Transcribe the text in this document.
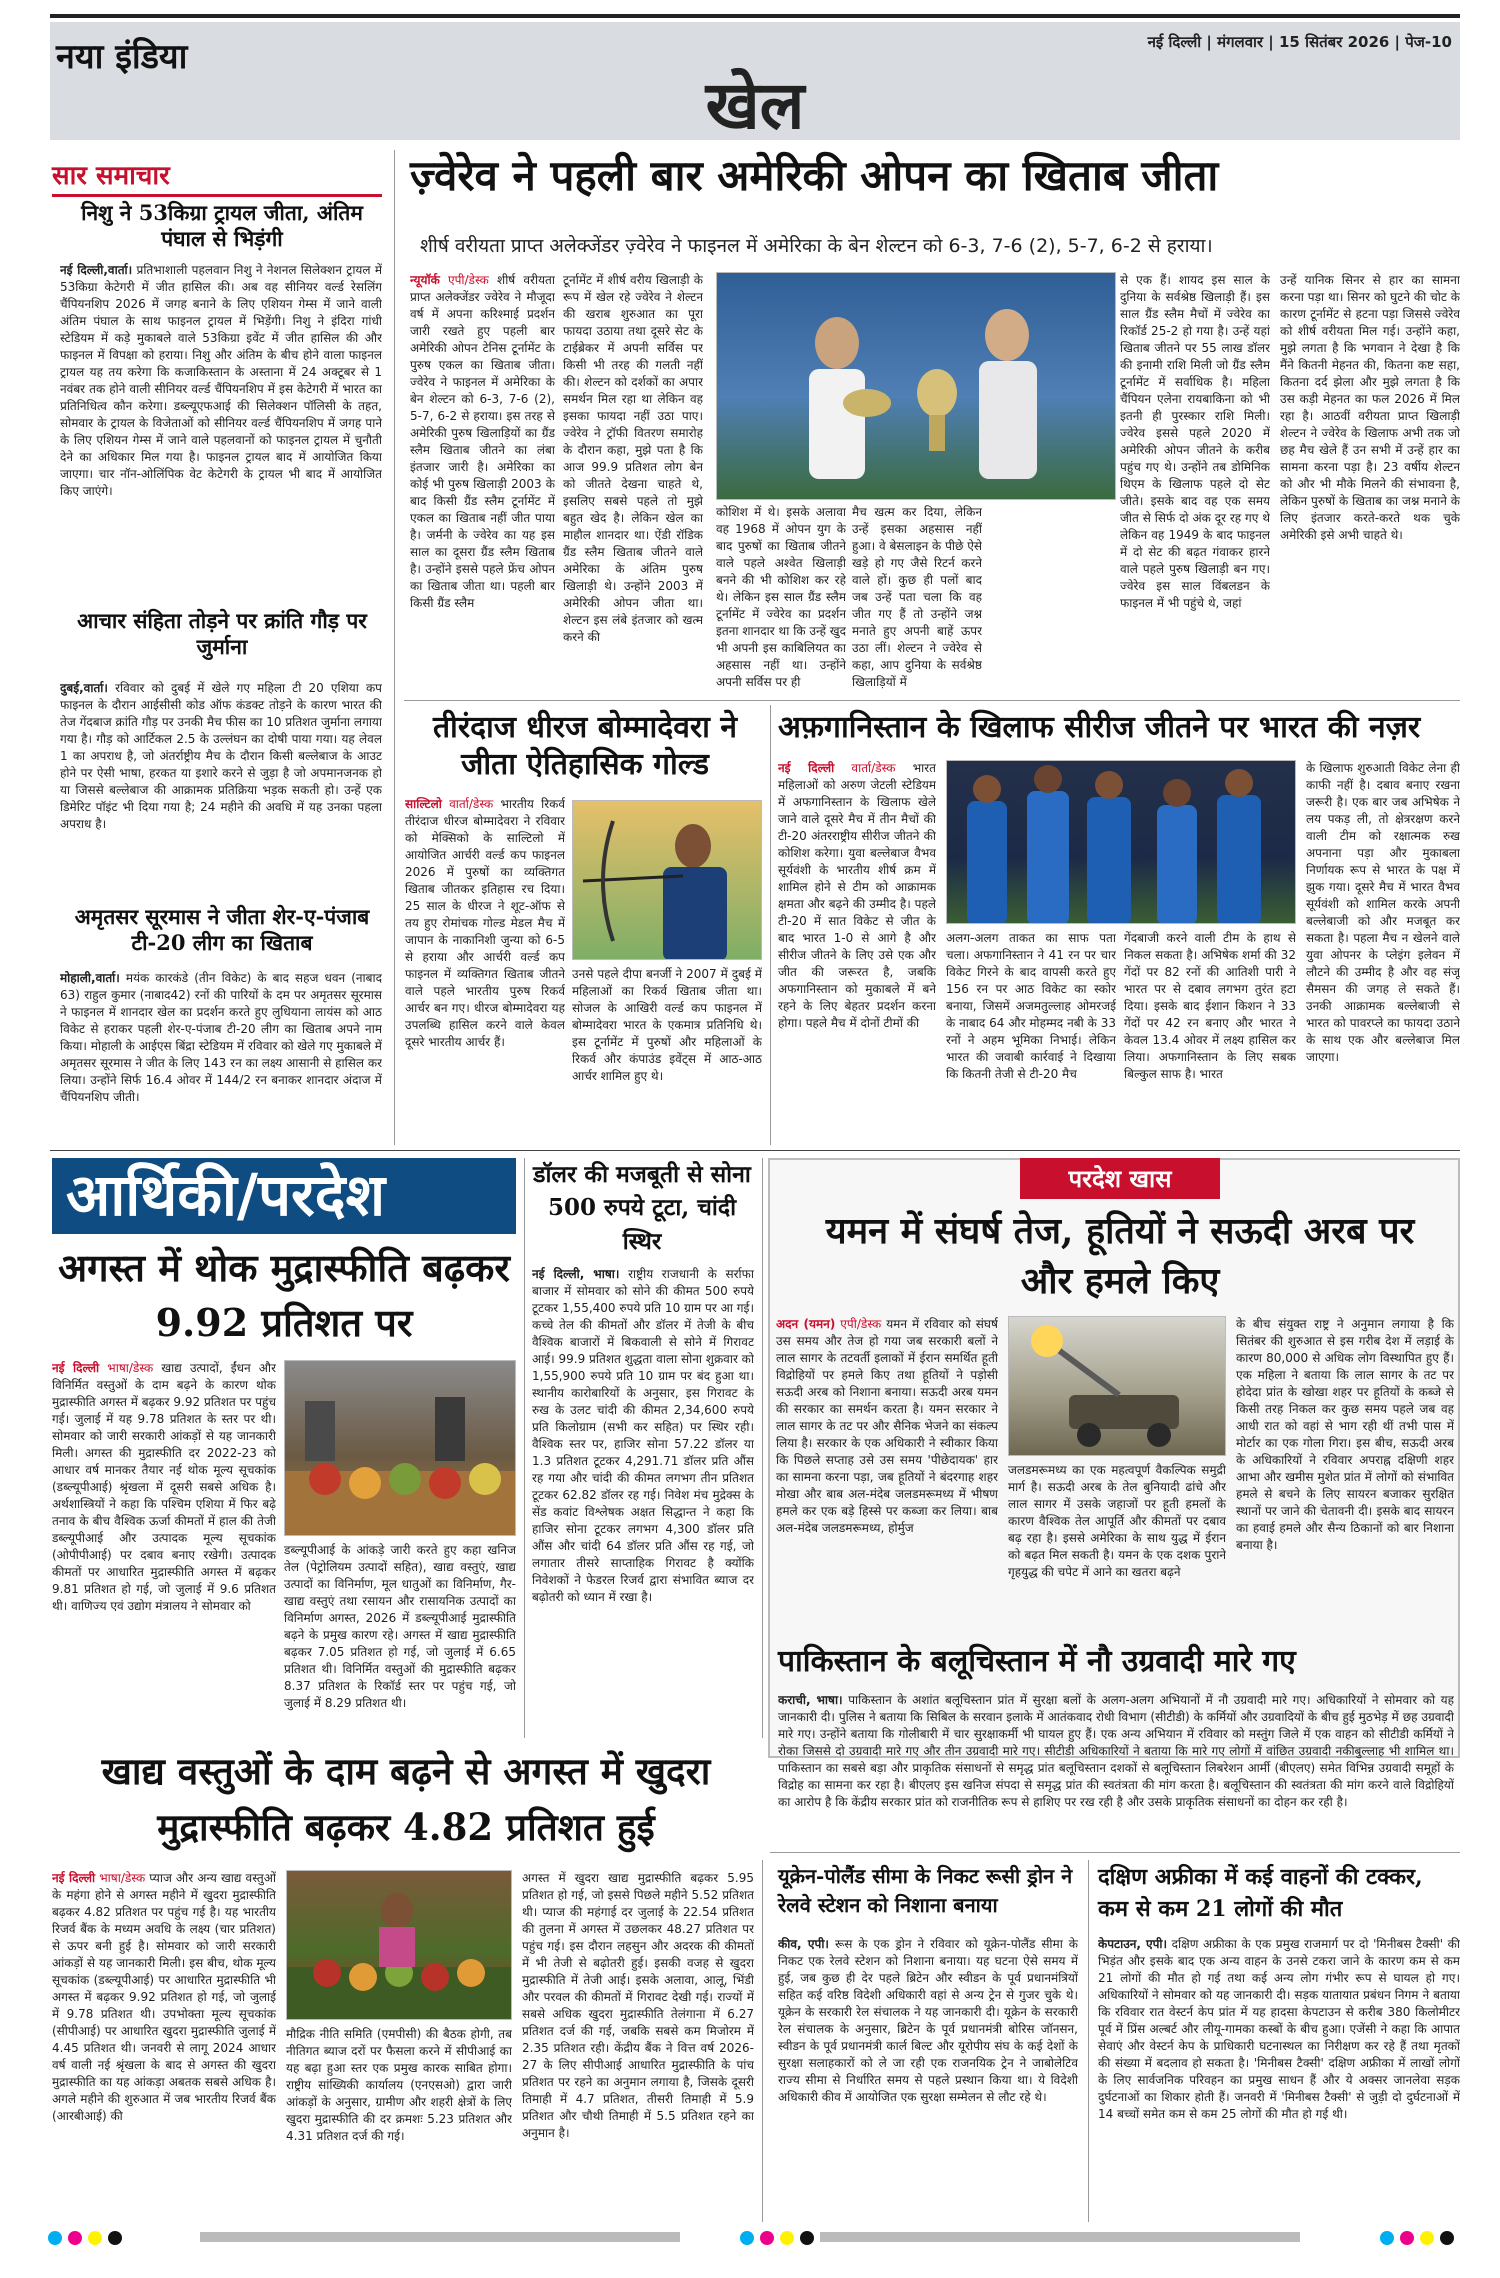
नया इंडिया	नई दिल्ली | मंगलवार | 15 सितंबर 2026 | पेज-10
खेल
सार समाचार
निशु ने 53किग्रा ट्रायल जीता, अंतिम पंघाल से भिड़ंगी
नई दिल्ली,वार्ता। प्रतिभाशाली पहलवान निशु ने नेशनल सिलेक्शन ट्रायल में 53किग्रा केटेगरी में जीत हासिल की। अब वह सीनियर वर्ल्ड रेसलिंग चैंपियनशिप 2026 में जगह बनाने के लिए एशियन गेम्स में जाने वाली अंतिम पंघाल के साथ फाइनल ट्रायल में भिड़ेंगी। निशु ने इंदिरा गांधी स्टेडियम में कड़े मुकाबले वाले 53किग्रा इवेंट में जीत हासिल की और फाइनल में विपक्षा को हराया। निशु और अंतिम के बीच होने वाला फाइनल ट्रायल यह तय करेगा कि कजाकिस्तान के अस्ताना में 24 अक्टूबर से 1 नवंबर तक होने वाली सीनियर वर्ल्ड चैंपियनशिप में इस केटेगरी में भारत का प्रतिनिधित्व कौन करेगा। डब्ल्यूएफआई की सिलेक्शन पॉलिसी के तहत, सोमवार के ट्रायल के विजेताओं को सीनियर वर्ल्ड चैंपियनशिप में जगह पाने के लिए एशियन गेम्स में जाने वाले पहलवानों को फाइनल ट्रायल में चुनौती देने का अधिकार मिल गया है। फाइनल ट्रायल बाद में आयोजित किया जाएगा। चार नॉन-ओलिंपिक वेट केटेगरी के ट्रायल भी बाद में आयोजित किए जाएंगे।
आचार संहिता तोड़ने पर क्रांति गौड़ पर जुर्माना
दुबई,वार्ता। रविवार को दुबई में खेले गए महिला टी 20 एशिया कप फाइनल के दौरान आईसीसी कोड ऑफ कंडक्ट तोड़ने के कारण भारत की तेज गेंदबाज क्रांति गौड़ पर उनकी मैच फीस का 10 प्रतिशत जुर्माना लगाया गया है। गौड़ को आर्टिकल 2.5 के उल्लंघन का दोषी पाया गया। यह लेवल 1 का अपराध है, जो अंतर्राष्ट्रीय मैच के दौरान किसी बल्लेबाज के आउट होने पर ऐसी भाषा, हरकत या इशारे करने से जुड़ा है जो अपमानजनक हो या जिससे बल्लेबाज की आक्रामक प्रतिक्रिया भड़क सकती हो। उन्हें एक डिमेरिट पॉइंट भी दिया गया है; 24 महीने की अवधि में यह उनका पहला अपराध है।
अमृतसर सूरमास ने जीता शेर-ए-पंजाब टी-20 लीग का खिताब
मोहाली,वार्ता। मयंक कारकंडे (तीन विकेट) के बाद सहज धवन (नाबाद 63) राहुल कुमार (नाबाद42) रनों की पारियों के दम पर अमृतसर सूरमास ने फाइनल में शानदार खेल का प्रदर्शन करते हुए लुधियाना लायंस को आठ विकेट से हराकर पहली शेर-ए-पंजाब टी-20 लीग का खिताब अपने नाम किया। मोहाली के आईएस बिंद्रा स्टेडियम में रविवार को खेले गए मुकाबले में अमृतसर सूरमास ने जीत के लिए 143 रन का लक्ष्य आसानी से हासिल कर लिया। उन्होंने सिर्फ 16.4 ओवर में 144/2 रन बनाकर शानदार अंदाज में चैंपियनशिप जीती।
ज़्वेरेव ने पहली बार अमेरिकी ओपन का खिताब जीता
शीर्ष वरीयता प्राप्त अलेक्जेंडर ज़्वेरेव ने फाइनल में अमेरिका के बेन शेल्टन को 6-3, 7-6 (2), 5-7, 6-2 से हराया।
न्यूयॉर्क एपी/डेस्क शीर्ष वरीयता प्राप्त अलेक्जेंडर ज्वेरेव ने मौजूदा वर्ष में अपना करिश्माई प्रदर्शन जारी रखते हुए पहली बार अमेरिकी ओपन टेनिस टूर्नामेंट के पुरुष एकल का खिताब जीता।ज्वेरेव ने फाइनल में अमेरिका के बेन शेल्टन को 6-3, 7-6 (2), 5-7, 6-2 से हराया। इस तरह से अमेरिकी पुरुष खिलाड़ियों का ग्रैंड स्लैम खिताब जीतने का लंबा इंतजार जारी है। अमेरिका का कोई भी पुरुष खिलाड़ी 2003 के बाद किसी ग्रैंड स्लैम टूर्नामेंट में एकल का खिताब नहीं जीत पाया है। जर्मनी के ज्वेरेव का यह इस साल का दूसरा ग्रैंड स्लैम खिताब है। उन्होंने इससे पहले फ्रेंच ओपन का खिताब जीता था। पहली बार किसी ग्रैंड स्लैम
टूर्नामेंट में शीर्ष वरीय खिलाड़ी के रूप में खेल रहे ज्वेरेव ने शेल्टन की खराब शुरुआत का पूरा फायदा उठाया तथा दूसरे सेट के टाईब्रेकर में अपनी सर्विस पर किसी भी तरह की गलती नहीं की। शेल्टन को दर्शकों का अपार समर्थन मिल रहा था लेकिन वह इसका फायदा नहीं उठा पाए। ज्वेरेव ने ट्रॉफी वितरण समारोह के दौरान कहा, मुझे पता है कि आज 99.9 प्रतिशत लोग बेन को जीतते देखना चाहते थे, इसलिए सबसे पहले तो मुझे बहुत खेद है। लेकिन खेल का माहौल शानदार था। ऐंडी रॉडिक ग्रैंड स्लैम खिताब जीतने वाले अमेरिका के अंतिम पुरुष खिलाड़ी थे। उन्होंने 2003 में अमेरिकी ओपन जीता था। शेल्टन इस लंबे इंतजार को खत्म करने की
कोशिश में थे। इसके अलावा वह 1968 में ओपन युग के बाद पुरुषों का खिताब जीतने वाले पहले अश्वेत खिलाड़ी बनने की भी कोशिश कर रहे थे। लेकिन इस साल ग्रैंड स्लैम टूर्नामेंट में ज्वेरेव का प्रदर्शन इतना शानदार था कि उन्हें खुद भी अपनी इस काबिलियत का अहसास नहीं था। उन्होंने अपनी सर्विस पर ही
मैच खत्म कर दिया, लेकिन उन्हें इसका अहसास नहीं हुआ। वे बेसलाइन के पीछे ऐसे खड़े हो गए जैसे रिटर्न करने वाले हों। कुछ ही पलों बाद जब उन्हें पता चला कि वह जीत गए हैं तो उन्होंने जश्न मनाते हुए अपनी बाहें ऊपर उठा लीं। शेल्टन ने ज्वेरेव से कहा, आप दुनिया के सर्वश्रेष्ठ खिलाड़ियों में
से एक हैं। शायद इस साल के दुनिया के सर्वश्रेष्ठ खिलाड़ी हैं। इस साल ग्रैंड स्लैम मैचों में ज्वेरेव का रिकॉर्ड 25-2 हो गया है। उन्हें यहां खिताब जीतने पर 55 लाख डॉलर की इनामी राशि मिली जो ग्रैंड स्लैम टूर्नामेंट में सर्वाधिक है। महिला चैंपियन एलेना रायबाकिना को भी इतनी ही पुरस्कार राशि मिली। ज्वेरेव इससे पहले 2020 में अमेरिकी ओपन जीतने के करीब पहुंच गए थे। उन्होंने तब डोमिनिक थिएम के खिलाफ पहले दो सेट जीते। इसके बाद वह एक समय जीत से सिर्फ दो अंक दूर रह गए थे लेकिन वह 1949 के बाद फाइनल में दो सेट की बढ़त गंवाकर हारने वाले पहले पुरुष खिलाड़ी बन गए। ज्वेरेव इस साल विंबलडन के फाइनल में भी पहुंचे थे, जहां
उन्हें यानिक सिनर से हार का सामना करना पड़ा था। सिनर को घुटने की चोट के कारण टूर्नामेंट से हटना पड़ा जिससे ज्वेरेव को शीर्ष वरीयता मिल गई। उन्होंने कहा, मुझे लगता है कि भगवान ने देखा है कि मैंने कितनी मेहनत की, कितना कष्ट सहा, कितना दर्द झेला और मुझे लगता है कि उस कड़ी मेहनत का फल 2026 में मिल रहा है। आठवीं वरीयता प्राप्त खिलाड़ी शेल्टन ने ज्वेरेव के खिलाफ अभी तक जो छह मैच खेले हैं उन सभी में उन्हें हार का सामना करना पड़ा है। 23 वर्षीय शेल्टन को और भी मौके मिलने की संभावना है, लेकिन पुरुषों के खिताब का जश्न मनाने के लिए इंतजार करते-करते थक चुके अमेरिकी इसे अभी चाहते थे।
तीरंदाज धीरज बोम्मादेवरा ने जीता ऐतिहासिक गोल्ड
साल्टिलो वार्ता/डेस्क भारतीय रिकर्व तीरंदाज धीरज बोम्मादेवरा ने रविवार को मेक्सिको के साल्टिलो में आयोजित आर्चरी वर्ल्ड कप फाइनल 2026 में पुरुषों का व्यक्तिगत खिताब जीतकर इतिहास रच दिया। 25 साल के धीरज ने शूट-ऑफ से तय हुए रोमांचक गोल्ड मेडल मैच में जापान के नाकानिशी जुन्या को 6-5 से हराया और आर्चरी वर्ल्ड कप फाइनल में व्यक्तिगत खिताब जीतने वाले पहले भारतीय पुरुष रिकर्व आर्चर बन गए। धीरज बोम्मादेवरा यह उपलब्धि हासिल करने वाले केवल दूसरे भारतीय आर्चर हैं।
उनसे पहले दीपा बनर्जी ने 2007 में दुबई में महिलाओं का रिकर्व खिताब जीता था। सोजल के आखिरी वर्ल्ड कप फाइनल में बोम्मादेवरा भारत के एकमात्र प्रतिनिधि थे। इस टूर्नामेंट में पुरुषों और महिलाओं के रिकर्व और कंपाउंड इवेंट्स में आठ-आठ आर्चर शामिल हुए थे।
अफ़गानिस्तान के खिलाफ सीरीज जीतने पर भारत की नज़र
नई दिल्ली वार्ता/डेस्क भारत महिलाओं को अरुण जेटली स्टेडियम में अफगानिस्तान के खिलाफ खेले जाने वाले दूसरे मैच में तीन मैचों की टी-20 अंतरराष्ट्रीय सीरीज जीतने की कोशिश करेगा। युवा बल्लेबाज वैभव सूर्यवंशी के भारतीय शीर्ष क्रम में शामिल होने से टीम को आक्रामक क्षमता और बढ़ने की उम्मीद है। पहले टी-20 में सात विकेट से जीत के बाद भारत 1-0 से आगे है और सीरीज जीतने के लिए उसे एक और जीत की जरूरत है, जबकि अफगानिस्तान को मुकाबले में बने रहने के लिए बेहतर प्रदर्शन करना होगा। पहले मैच में दोनों टीमों की
अलग-अलग ताकत का साफ पता चला। अफगानिस्तान ने 41 रन पर चार विकेट गिरने के बाद वापसी करते हुए 156 रन पर आठ विकेट का स्कोर बनाया, जिसमें अजमतुल्लाह ओमरजई के नाबाद 64 और मोहम्मद नबी के 33 रनों ने अहम भूमिका निभाई। लेकिन भारत की जवाबी कार्रवाई ने दिखाया कि कितनी तेजी से टी-20 मैच
गेंदबाजी करने वाली टीम के हाथ से निकल सकता है। अभिषेक शर्मा की 32 गेंदों पर 82 रनों की आतिशी पारी ने भारत पर से दबाव लगभग तुरंत हटा दिया। इसके बाद ईशान किशन ने 33 गेंदों पर 42 रन बनाए और भारत ने केवल 13.4 ओवर में लक्ष्य हासिल कर लिया। अफगानिस्तान के लिए सबक बिल्कुल साफ है। भारत
के खिलाफ शुरुआती विकेट लेना ही काफी नहीं है। दबाव बनाए रखना जरूरी है। एक बार जब अभिषेक ने लय पकड़ ली, तो क्षेत्ररक्षण करने वाली टीम को रक्षात्मक रुख अपनाना पड़ा और मुकाबला निर्णायक रूप से भारत के पक्ष में झुक गया। दूसरे मैच में भारत वैभव सूर्यवंशी को शामिल करके अपनी बल्लेबाजी को और मजबूत कर सकता है। पहला मैच न खेलने वाले युवा ओपनर के प्लेइंग इलेवन में लौटने की उम्मीद है और वह संजू सैमसन की जगह ले सकते हैं। उनकी आक्रामक बल्लेबाजी से भारत को पावरप्ले का फायदा उठाने के साथ एक और बल्लेबाज मिल जाएगा।
आर्थिकी/परदेश
अगस्त में थोक मुद्रास्फीति बढ़कर 9.92 प्रतिशत पर
नई दिल्ली भाषा/डेस्क खाद्य उत्पादों, ईंधन और विनिर्मित वस्तुओं के दाम बढ़ने के कारण थोक मुद्रास्फीति अगस्त में बढ़कर 9.92 प्रतिशत पर पहुंच गई। जुलाई में यह 9.78 प्रतिशत के स्तर पर थी। सोमवार को जारी सरकारी आंकड़ों से यह जानकारी मिली। अगस्त की मुद्रास्फीति दर 2022-23 को आधार वर्ष मानकर तैयार नई थोक मूल्य सूचकांक (डब्ल्यूपीआई) श्रृंखला में दूसरी सबसे अधिक है। अर्थशास्त्रियों ने कहा कि पश्चिम एशिया में फिर बढ़े तनाव के बीच वैश्विक ऊर्जा कीमतों में हाल की तेजी डब्ल्यूपीआई और उत्पादक मूल्य सूचकांक (ओपीपीआई) पर दबाव बनाए रखेगी। उत्पादक कीमतों पर आधारित मुद्रास्फीति अगस्त में बढ़कर 9.81 प्रतिशत हो गई, जो जुलाई में 9.6 प्रतिशत थी। वाणिज्य एवं उद्योग मंत्रालय ने सोमवार को
डब्ल्यूपीआई के आंकड़े जारी करते हुए कहा खनिज तेल (पेट्रोलियम उत्पादों सहित), खाद्य वस्तुएं, खाद्य उत्पादों का विनिर्माण, मूल धातुओं का विनिर्माण, गैर-खाद्य वस्तुएं तथा रसायन और रासायनिक उत्पादों का विनिर्माण अगस्त, 2026 में डब्ल्यूपीआई मुद्रास्फीति बढ़ने के प्रमुख कारण रहे। अगस्त में खाद्य मुद्रास्फीति बढ़कर 7.05 प्रतिशत हो गई, जो जुलाई में 6.65 प्रतिशत थी। विनिर्मित वस्तुओं की मुद्रास्फीति बढ़कर 8.37 प्रतिशत के रिकॉर्ड स्तर पर पहुंच गई, जो जुलाई में 8.29 प्रतिशत थी।
डॉलर की मजबूती से सोना 500 रुपये टूटा, चांदी स्थिर
नई दिल्ली, भाषा। राष्ट्रीय राजधानी के सर्राफा बाजार में सोमवार को सोने की कीमत 500 रुपये टूटकर 1,55,400 रुपये प्रति 10 ग्राम पर आ गई। कच्चे तेल की कीमतों और डॉलर में तेजी के बीच वैश्विक बाजारों में बिकवाली से सोने में गिरावट आई। 99.9 प्रतिशत शुद्धता वाला सोना शुक्रवार को 1,55,900 रुपये प्रति 10 ग्राम पर बंद हुआ था। स्थानीय कारोबारियों के अनुसार, इस गिरावट के रुख के उलट चांदी की कीमत 2,34,600 रुपये प्रति किलोग्राम (सभी कर सहित) पर स्थिर रही। वैश्विक स्तर पर, हाजिर सोना 57.22 डॉलर या 1.3 प्रतिशत टूटकर 4,291.71 डॉलर प्रति औंस रह गया और चांदी की कीमत लगभग तीन प्रतिशत टूटकर 62.82 डॉलर रह गई। निवेश मंच मुद्रेक्स के सेंड कवांट विश्लेषक अक्षत सिद्धान्त ने कहा कि हाजिर सोना टूटकर लगभग 4,300 डॉलर प्रति औंस और चांदी 64 डॉलर प्रति औंस रह गई, जो लगातार तीसरे साप्ताहिक गिरावट है क्योंकि निवेशकों ने फेडरल रिजर्व द्वारा संभावित ब्याज दर बढ़ोतरी को ध्यान में रखा है।
परदेश खास
यमन में संघर्ष तेज, हूतियों ने सऊदी अरब पर और हमले किए
अदन (यमन) एपी/डेस्क यमन में रविवार को संघर्ष उस समय और तेज हो गया जब सरकारी बलों ने लाल सागर के तटवर्ती इलाकों में ईरान समर्थित हूती विद्रोहियों पर हमले किए तथा हूतियों ने पड़ोसी सऊदी अरब को निशाना बनाया। सऊदी अरब यमन की सरकार का समर्थन करता है। यमन सरकार ने लाल सागर के तट पर और सैनिक भेजने का संकल्प लिया है। सरकार के एक अधिकारी ने स्वीकार किया कि पिछले सप्ताह उसे उस समय 'पीछेदायक' हार का सामना करना पड़ा, जब हूतियों ने बंदरगाह शहर मोखा और बाब अल-मंदेब जलडमरूमध्य में भीषण हमले कर एक बड़े हिस्से पर कब्जा कर लिया। बाब अल-मंदेब जलडमरूमध्य, होर्मुज
जलडमरूमध्य का एक महत्वपूर्ण वैकल्पिक समुद्री मार्ग है। सऊदी अरब के तेल बुनियादी ढांचे और लाल सागर में उसके जहाजों पर हूती हमलों के कारण वैश्विक तेल आपूर्ति और कीमतों पर दबाव बढ़ रहा है। इससे अमेरिका के साथ युद्ध में ईरान को बढ़त मिल सकती है। यमन के एक दशक पुराने गृहयुद्ध की चपेट में आने का खतरा बढ़ने
के बीच संयुक्त राष्ट्र ने अनुमान लगाया है कि सितंबर की शुरुआत से इस गरीब देश में लड़ाई के कारण 80,000 से अधिक लोग विस्थापित हुए हैं। एक महिला ने बताया कि लाल सागर के तट पर होदेदा प्रांत के खोखा शहर पर हूतियों के कब्जे से किसी तरह निकल कर कुछ समय पहले जब वह आधी रात को वहां से भाग रही थीं तभी पास में मोर्टार का एक गोला गिरा। इस बीच, सऊदी अरब के अधिकारियों ने रविवार अपराह्न दक्षिणी शहर आभा और खमीस मुशेत प्रांत में लोगों को संभावित हमले से बचने के लिए सायरन बजाकर सुरक्षित स्थानों पर जाने की चेतावनी दी। इसके बाद सायरन का हवाई हमले और सैन्य ठिकानों को बार निशाना बनाया है।
पाकिस्तान के बलूचिस्तान में नौ उग्रवादी मारे गए
कराची, भाषा। पाकिस्तान के अशांत बलूचिस्तान प्रांत में सुरक्षा बलों के अलग-अलग अभियानों में नौ उग्रवादी मारे गए। अधिकारियों ने सोमवार को यह जानकारी दी। पुलिस ने बताया कि सिबिल के सरवान इलाके में आतंकवाद रोधी विभाग (सीटीडी) के कर्मियों और उग्रवादियों के बीच हुई मुठभेड़ में छह उग्रवादी मारे गए। उन्होंने बताया कि गोलीबारी में चार सुरक्षाकर्मी भी घायल हुए हैं। एक अन्य अभियान में रविवार को मस्तुंग जिले में एक वाहन को सीटीडी कर्मियों ने रोका जिससे दो उग्रवादी मारे गए और तीन उग्रवादी मारे गए। सीटीडी अधिकारियों ने बताया कि मारे गए लोगों में वांछित उग्रवादी नकीबुल्लाह भी शामिल था। पाकिस्तान का सबसे बड़ा और प्राकृतिक संसाधनों से समृद्ध प्रांत बलूचिस्तान दशकों से बलूचिस्तान लिबरेशन आर्मी (बीएलए) समेत विभिन्न उग्रवादी समूहों के विद्रोह का सामना कर रहा है। बीएलए इस खनिज संपदा से समृद्ध प्रांत की स्वतंत्रता की मांग करता है। बलूचिस्तान की स्वतंत्रता की मांग करने वाले विद्रोहियों का आरोप है कि केंद्रीय सरकार प्रांत को राजनीतिक रूप से हाशिए पर रख रही है और उसके प्राकृतिक संसाधनों का दोहन कर रही है।
खाद्य वस्तुओं के दाम बढ़ने से अगस्त में खुदरा मुद्रास्फीति बढ़कर 4.82 प्रतिशत हुई
नई दिल्ली भाषा/डेस्क प्याज और अन्य खाद्य वस्तुओं के महंगा होने से अगस्त महीने में खुदरा मुद्रास्फीति बढ़कर 4.82 प्रतिशत पर पहुंच गई है। यह भारतीय रिजर्व बैंक के मध्यम अवधि के लक्ष्य (चार प्रतिशत) से ऊपर बनी हुई है। सोमवार को जारी सरकारी आंकड़ों से यह जानकारी मिली। इस बीच, थोक मूल्य सूचकांक (डब्ल्यूपीआई) पर आधारित मुद्रास्फीति भी अगस्त में बढ़कर 9.92 प्रतिशत हो गई, जो जुलाई में 9.78 प्रतिशत थी। उपभोक्ता मूल्य सूचकांक (सीपीआई) पर आधारित खुदरा मुद्रास्फीति जुलाई में 4.45 प्रतिशत थी। जनवरी से लागू 2024 आधार वर्ष वाली नई श्रृंखला के बाद से अगस्त की खुदरा मुद्रास्फीति का यह आंकड़ा अबतक सबसे अधिक है। अगले महीने की शुरुआत में जब भारतीय रिजर्व बैंक (आरबीआई) की
मौद्रिक नीति समिति (एमपीसी) की बैठक होगी, तब नीतिगत ब्याज दरों पर फैसला करने में सीपीआई का यह बढ़ा हुआ स्तर एक प्रमुख कारक साबित होगा। राष्ट्रीय सांख्यिकी कार्यालय (एनएसओ) द्वारा जारी आंकड़ों के अनुसार, ग्रामीण और शहरी क्षेत्रों के लिए खुदरा मुद्रास्फीति की दर क्रमशः 5.23 प्रतिशत और 4.31 प्रतिशत दर्ज की गई।
अगस्त में खुदरा खाद्य मुद्रास्फीति बढ़कर 5.95 प्रतिशत हो गई, जो इससे पिछले महीने 5.52 प्रतिशत थी। प्याज की महंगाई दर जुलाई के 22.54 प्रतिशत की तुलना में अगस्त में उछलकर 48.27 प्रतिशत पर पहुंच गई। इस दौरान लहसुन और अदरक की कीमतों में भी तेजी से बढ़ोतरी हुई। इसकी वजह से खुदरा मुद्रास्फीति में तेजी आई। इसके अलावा, आलू, भिंडी और परवल की कीमतों में गिरावट देखी गई। राज्यों में सबसे अधिक खुदरा मुद्रास्फीति तेलंगाना में 6.27 प्रतिशत दर्ज की गई, जबकि सबसे कम मिजोरम में 2.35 प्रतिशत रही। केंद्रीय बैंक ने वित्त वर्ष 2026-27 के लिए सीपीआई आधारित मुद्रास्फीति के पांच प्रतिशत पर रहने का अनुमान लगाया है, जिसके दूसरी तिमाही में 4.7 प्रतिशत, तीसरी तिमाही में 5.9 प्रतिशत और चौथी तिमाही में 5.5 प्रतिशत रहने का अनुमान है।
यूक्रेन-पोलैंड सीमा के निकट रूसी ड्रोन ने रेलवे स्टेशन को निशाना बनाया
कीव, एपी। रूस के एक ड्रोन ने रविवार को यूक्रेन-पोलैंड सीमा के निकट एक रेलवे स्टेशन को निशाना बनाया। यह घटना ऐसे समय में हुई, जब कुछ ही देर पहले ब्रिटेन और स्वीडन के पूर्व प्रधानमंत्रियों सहित कई वरिष्ठ विदेशी अधिकारी वहां से अन्य ट्रेन से गुजर चुके थे। यूक्रेन के सरकारी रेल संचालक ने यह जानकारी दी। यूक्रेन के सरकारी रेल संचालक के अनुसार, ब्रिटेन के पूर्व प्रधानमंत्री बोरिस जॉनसन, स्वीडन के पूर्व प्रधानमंत्री कार्ल बिल्ट और यूरोपीय संघ के कई देशों के सुरक्षा सलाहकारों को ले जा रही एक राजनयिक ट्रेन ने जाबोलेटिव राज्य सीमा से निर्धारित समय से पहले प्रस्थान किया था। ये विदेशी अधिकारी कीव में आयोजित एक सुरक्षा सम्मेलन से लौट रहे थे।
दक्षिण अफ्रीका में कई वाहनों की टक्कर, कम से कम 21 लोगों की मौत
केपटाउन, एपी। दक्षिण अफ्रीका के एक प्रमुख राजमार्ग पर दो 'मिनीबस टैक्सी' की भिड़ंत और इसके बाद एक अन्य वाहन के उनसे टकरा जाने के कारण कम से कम 21 लोगों की मौत हो गई तथा कई अन्य लोग गंभीर रूप से घायल हो गए। अधिकारियों ने सोमवार को यह जानकारी दी। सड़क यातायात प्रबंधन निगम ने बताया कि रविवार रात वेस्टर्न केप प्रांत में यह हादसा केपटाउन से करीब 380 किलोमीटर पूर्व में प्रिंस अल्बर्ट और लीयू-गामका कस्बों के बीच हुआ। एजेंसी ने कहा कि आपात सेवाएं और वेस्टर्न केप के प्राधिकारी घटनास्थल का निरीक्षण कर रहे हैं तथा मृतकों की संख्या में बदलाव हो सकता है। 'मिनीबस टैक्सी' दक्षिण अफ्रीका में लाखों लोगों के लिए सार्वजनिक परिवहन का प्रमुख साधन हैं और ये अक्सर जानलेवा सड़क दुर्घटनाओं का शिकार होती हैं। जनवरी में 'मिनीबस टैक्सी' से जुड़ी दो दुर्घटनाओं में 14 बच्चों समेत कम से कम 25 लोगों की मौत हो गई थी।
